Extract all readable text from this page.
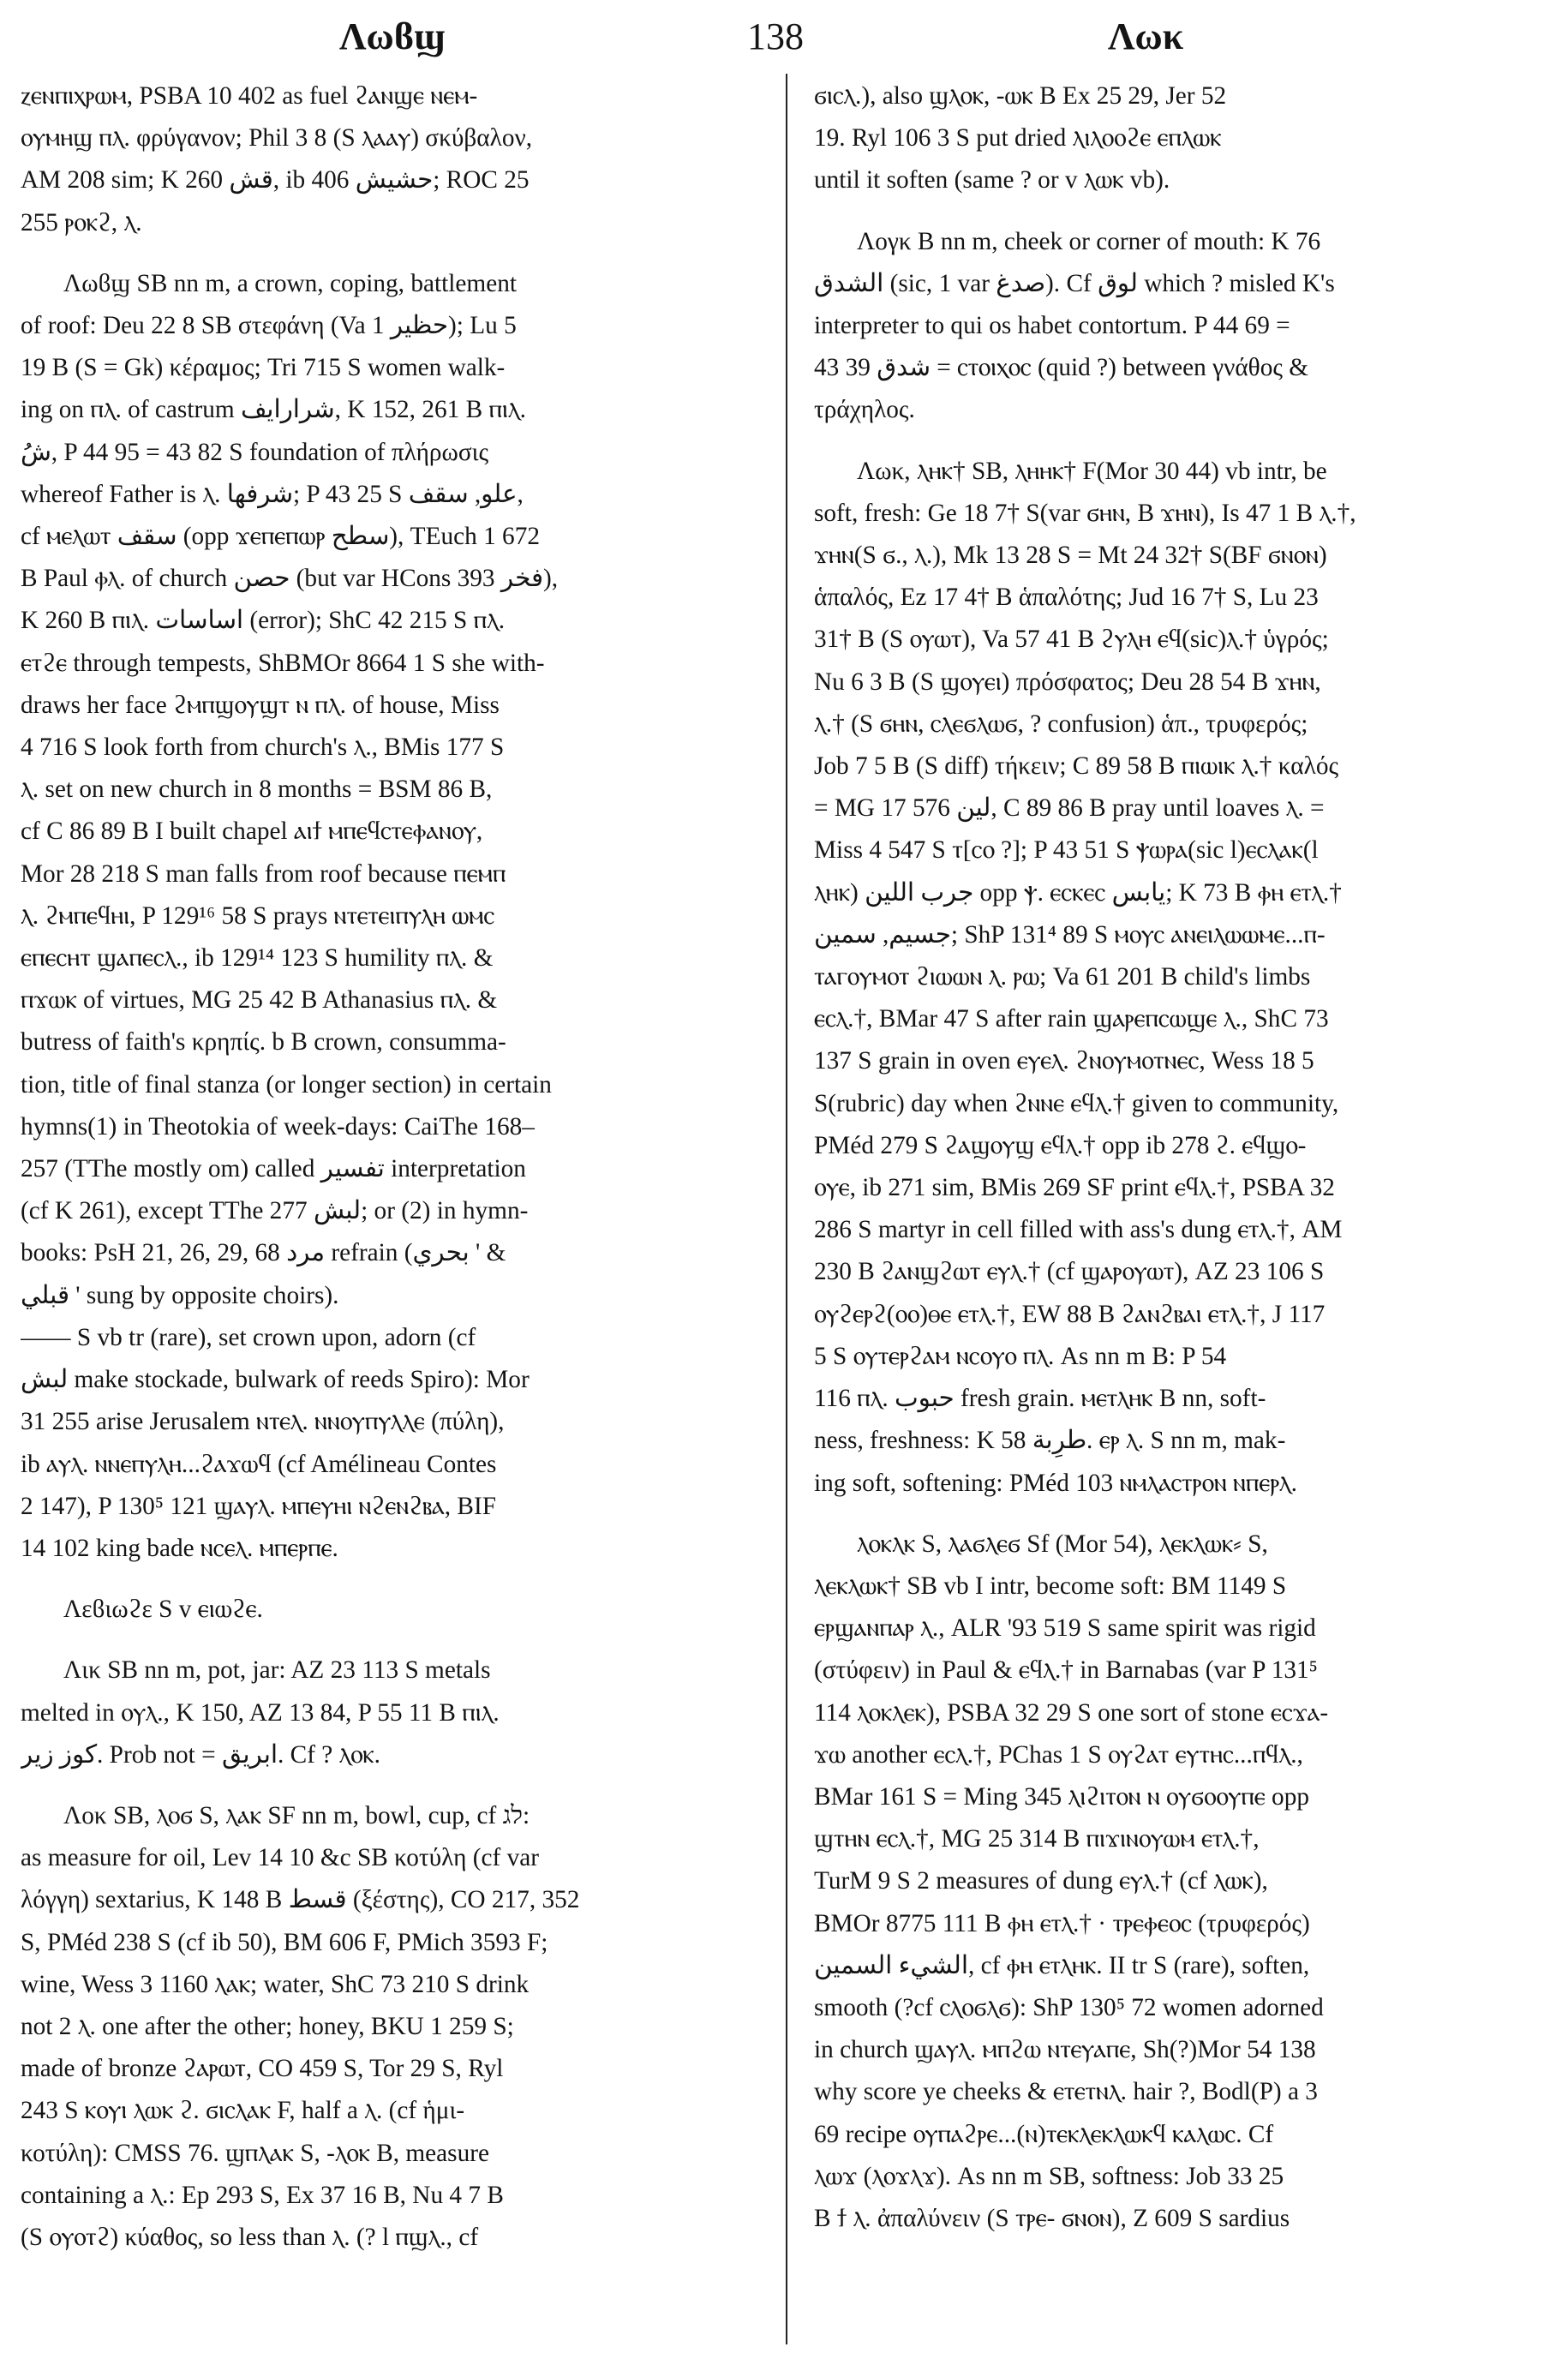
Λωϐϣ	138	Λωκ
ⲍⲉⲛⲡⲓⲭⲣⲱⲙ, PSBA 10 402 as fuel ϩⲁⲛϣⲉ ⲛⲉⲙ-
ⲟⲩⲙⲏϣ ⲡⲗ. φρύγανον; Phil 3 8 (S ⲗⲁⲁⲩ) σκύβαλον,
AM 208 sim; K 260 قش, ib 406 حشيش; ROC 25
255 ⲣⲟⲕϩ, ⲗ.
Λωϐϣ SB nn m, a crown, coping, battlement
of roof: Deu 22 8 SB στεφάνη (Va 1 حظير); Lu 5
19 B (S = Gk) κέραμος; Tri 715 S women walk-
ing on ⲡⲗ. of castrum شرارايف, K 152, 261 B ⲡⲓⲗ.
شُ, P 44 95 = 43 82 S foundation of πλήρωσις
whereof Father is ⲗ. شرفها; P 43 25 S علو, سقف,
cf ⲙⲉⲗⲱⲧ سقف (opp ϫⲉⲡⲉⲡⲱⲣ سطح), TEuch 1 672
B Paul ⲫⲗ. of church حصن (but var HCons 393 فخر),
K 260 B ⲡⲓⲗ. اساسات (error); ShC 42 215 S ⲡⲗ.
ⲉⲧϩⲉ through tempests, ShBMOr 8664 1 S she with-
draws her face ϩⲙⲡϣⲟⲩϣⲧ ⲛ ⲡⲗ. of house, Miss
4 716 S look forth from church's ⲗ., BMis 177 S
ⲗ. set on new church in 8 months = BSM 86 B,
cf C 86 89 B I built chapel ⲁⲓϯ ⲙⲡⲉϥⲥⲧⲉⲫⲁⲛⲟⲩ,
Mor 28 218 S man falls from roof because ⲡⲉⲙⲡ
ⲗ. ϩⲙⲡⲉϥⲏⲓ, P 129¹⁶ 58 S prays ⲛⲧⲉⲧⲉⲓⲡⲩⲗⲏ ⲱⲙⲥ
ⲉⲡⲉⲥⲏⲧ ϣⲁⲡⲉⲥⲗ., ib 129¹⁴ 123 S humility ⲡⲗ. &
ⲡϫⲱⲕ of virtues, MG 25 42 B Athanasius ⲡⲗ. &
butress of faith's κρηπίς. b B crown, consumma-
tion, title of final stanza (or longer section) in certain
hymns(1) in Theotokia of week-days: CaiThe 168–
257 (TThe mostly om) called تفسير interpretation
(cf K 261), except TThe 277 لبش; or (2) in hymn-
books: PsH 21, 26, 29, 68 مرد refrain (بحري ' &
قبلي ' sung by opposite choirs).
—— S vb tr (rare), set crown upon, adorn (cf
لبش make stockade, bulwark of reeds Spiro): Mor
31 255 arise Jerusalem ⲛⲧⲉⲗ. ⲛⲛⲟⲩⲡⲩⲗⲗⲉ (πύλη),
ib ⲁⲩⲗ. ⲛⲛⲉⲡⲩⲗⲏ...ϩⲁϫⲱϥ (cf Amélineau Contes
2 147), P 130⁵ 121 ϣⲁⲩⲗ. ⲙⲡⲉⲩⲏⲓ ⲛϩⲉⲛϩⲃⲁ, BIF
14 102 king bade ⲛⲥⲉⲗ. ⲙⲡⲉⲣⲡⲉ.
Λεϐιωϩε S v ⲉⲓⲱϩⲉ.
Λικ SB nn m, pot, jar: AZ 23 113 S metals
melted in ⲟⲩⲗ., K 150, AZ 13 84, P 55 11 B ⲡⲓⲗ.
كوز زير. Prob not = ابريق. Cf ? ⲗⲟⲕ.
Λοκ SB, ⲗⲟϭ S, ⲗⲁⲕ SF nn m, bowl, cup, cf לג:
as measure for oil, Lev 14 10 &c SB κοτύλη (cf var
λόγγη) sextarius, K 148 B قسط (ξέστης), CO 217, 352
S, PMéd 238 S (cf ib 50), BM 606 F, PMich 3593 F;
wine, Wess 3 1160 ⲗⲁⲕ; water, ShC 73 210 S drink
not 2 ⲗ. one after the other; honey, BKU 1 259 S;
made of bronze ϩⲁⲣⲱⲧ, CO 459 S, Tor 29 S, Ryl
243 S ⲕⲟⲩⲓ ⲗⲱⲕ ϩ. ϭⲓⲥⲗⲁⲕ F, half a ⲗ. (cf ἡμι-
κοτύλη): CMSS 76. ϣⲡⲗⲁⲕ S, -ⲗⲟⲕ B, measure
containing a ⲗ.: Ep 293 S, Ex 37 16 B, Nu 4 7 B
(S ⲟⲩⲟⲧϩ) κύαθος, so less than ⲗ. (? l ⲡϣⲗ., cf
ϭⲓⲥⲗ.), also ϣⲗⲟⲕ, -ⲱⲕ B Ex 25 29, Jer 52
19. Ryl 106 3 S put dried ⲗⲓⲗⲟⲟϩⲉ ⲉⲡⲗⲱⲕ
until it soften (same ? or v ⲗⲱⲕ vb).
Λογκ B nn m, cheek or corner of mouth: K 76
الشدق (sic, 1 var صدغ). Cf لوق which ? misled K's
interpreter to qui os habet contortum. P 44 69 =
43 39 شدق = ⲥⲧⲟⲓⲭⲟⲥ (quid ?) between γνάθος &
τράχηλος.
Λωκ, ⲗⲏⲕ† SB, ⲗⲏⲏⲕ† F(Mor 30 44) vb intr, be
soft, fresh: Ge 18 7† S(var ϭⲏⲛ, B ϫⲏⲛ), Is 47 1 B ⲗ.†,
ϫⲏⲛ(S ϭ., ⲗ.), Mk 13 28 S = Mt 24 32† S(BF ϭⲛⲟⲛ)
ἁπαλός, Ez 17 4† B ἁπαλότης; Jud 16 7† S, Lu 23
31† B (S ⲟⲩⲱⲧ), Va 57 41 B ϩⲩⲗⲏ ⲉϥ(sic)ⲗ.† ὑγρός;
Nu 6 3 B (S ϣⲟⲩⲉⲓ) πρόσφατος; Deu 28 54 B ϫⲏⲛ,
ⲗ.† (S ϭⲏⲛ, ⲥⲗⲉϭⲗⲱϭ, ? confusion) ἁπ., τρυφερός;
Job 7 5 B (S diff) τήκειν; C 89 58 B ⲡⲓⲱⲓⲕ ⲗ.† καλός
= MG 17 576 لين, C 89 86 B pray until loaves ⲗ. =
Miss 4 547 S ⲧ[ⲥⲟ ?]; P 43 51 S ⲯⲱⲣⲁ(sic l)ⲉⲥⲗⲁⲕ(l
ⲗⲏⲕ) جرب اللين opp ⲯ. ⲉⲥⲕⲉⲥ يابس; K 73 B ⲫⲏ ⲉⲧⲗ.†
جسيم, سمين; ShP 131⁴ 89 S ⲙⲟⲩⲥ ⲁⲛⲉⲓⲗⲱⲱⲙⲉ...ⲡ-
ⲧⲁⲅⲟⲩⲙⲟⲧ ϩⲓⲱⲱⲛ ⲗ. ⲣⲱ; Va 61 201 B child's limbs
ⲉⲥⲗ.†, BMar 47 S after rain ϣⲁⲣⲉⲡⲥⲱϣⲉ ⲗ., ShC 73
137 S grain in oven ⲉⲩⲉⲗ. ϩⲛⲟⲩⲙⲟⲧⲛⲉⲥ, Wess 18 5
S(rubric) day when ϩⲛⲛⲉ ⲉϥⲗ.† given to community,
PMéd 279 S ϩⲁϣⲟⲩϣ ⲉϥⲗ.† opp ib 278 ϩ. ⲉϥϣⲟ-
ⲟⲩⲉ, ib 271 sim, BMis 269 SF print ⲉϥⲗ.†, PSBA 32
286 S martyr in cell filled with ass's dung ⲉⲧⲗ.†, AM
230 B ϩⲁⲛϣϩⲱⲧ ⲉⲩⲗ.† (cf ϣⲁⲣⲟⲩⲱⲧ), AZ 23 106 S
ⲟⲩϩⲉⲣϩ(ⲟⲟ)ⲑⲉ ⲉⲧⲗ.†, EW 88 B ϩⲁⲛϩⲃⲁⲓ ⲉⲧⲗ.†, J 117
5 S ⲟⲩⲧⲉⲣϩⲁⲙ ⲛⲥⲟⲩⲟ ⲡⲗ. As nn m B: P 54
116 ⲡⲗ. حبوب fresh grain. ⲙⲉⲧⲗⲏⲕ B nn, soft-
ness, freshness: K 58 طرِبة. ⲉⲣ ⲗ. S nn m, mak-
ing soft, softening: PMéd 103 ⲛⲙⲗⲁⲥⲧⲣⲟⲛ ⲛⲡⲉⲣⲗ.
ⲗⲟⲕⲗⲕ S, ⲗⲁϭⲗⲉϭ Sf (Mor 54), ⲗⲉⲕⲗⲱⲕ⸗ S,
ⲗⲉⲕⲗⲱⲕ† SB vb I intr, become soft: BM 1149 S
ⲉⲣϣⲁⲛⲡⲁⲣ ⲗ., ALR '93 519 S same spirit was rigid
(στύφειν) in Paul & ⲉϥⲗ.† in Barnabas (var P 131⁵
114 ⲗⲟⲕⲗⲉⲕ), PSBA 32 29 S one sort of stone ⲉⲥϫⲁ-
ϫⲱ another ⲉⲥⲗ.†, PChas 1 S ⲟⲩϩⲁⲧ ⲉⲩⲧⲏⲥ...ⲡϥⲗ.,
BMar 161 S = Ming 345 ⲗⲓϩⲓⲧⲟⲛ ⲛ ⲟⲩϭⲟⲟⲩⲡⲉ opp
ϣⲧⲏⲛ ⲉⲥⲗ.†, MG 25 314 B ⲡⲓϫⲓⲛⲟⲩⲱⲙ ⲉⲧⲗ.†,
TurM 9 S 2 measures of dung ⲉⲩⲗ.† (cf ⲗⲱⲕ),
BMOr 8775 111 B ⲫⲏ ⲉⲧⲗ.† · ⲧⲣⲉⲫⲉⲟⲥ (τρυφερός)
الشيء السمين, cf ⲫⲏ ⲉⲧⲗⲏⲕ. II tr S (rare), soften,
smooth (?cf ⲥⲗⲟϭⲗϭ): ShP 130⁵ 72 women adorned
in church ϣⲁⲩⲗ. ⲙⲡϩⲱ ⲛⲧⲉⲩⲁⲡⲉ, Sh(?)Mor 54 138
why score ye cheeks & ⲉⲧⲉⲧⲛⲗ. hair ?, Bodl(P) a 3
69 recipe ⲟⲩⲡⲁϩⲣⲉ...(ⲛ)ⲧⲉⲕⲗⲉⲕⲗⲱⲕϥ ⲕⲁⲗⲱⲥ. Cf
ⲗⲱϫ (ⲗⲟϫⲗϫ). As nn m SB, softness: Job 33 25
B ϯ ⲗ. ἀπαλύνειν (S ⲧⲣⲉ- ϭⲛⲟⲛ), Z 609 S sardius
